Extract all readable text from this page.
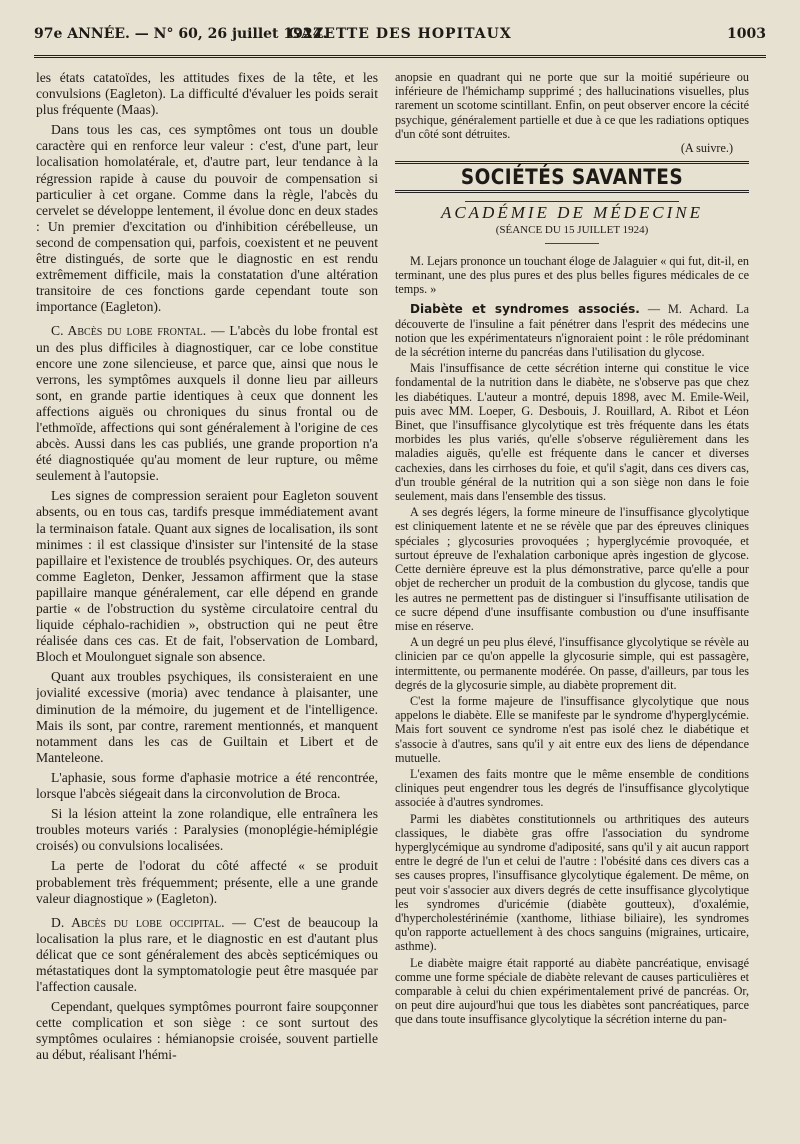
97e ANNÉE. — N° 60, 26 juillet 1924.
GAZETTE DES HOPITAUX	1003

les états catatoïdes, les attitudes fixes de la tête, et les convulsions (Eagleton). La difficulté d'évaluer les poids serait plus fréquente (Maas).

Dans tous les cas, ces symptômes ont tous un double caractère qui en renforce leur valeur : c'est, d'une part, leur localisation homolatérale, et, d'autre part, leur tendance à la régression rapide à cause du pouvoir de compensation si particulier à cet organe. Comme dans la règle, l'abcès du cervelet se développe lentement, il évolue donc en deux stades : Un premier d'excitation ou d'inhibition cérébelleuse, un second de compensation qui, parfois, coexistent et ne peuvent être distingués, de sorte que le diagnostic en est rendu extrêmement difficile, mais la constatation d'une altération transitoire de ces fonctions garde cependant toute son importance (Eagleton).

C. Abcès du lobe frontal. — L'abcès du lobe frontal est un des plus difficiles à diagnostiquer, car ce lobe constitue encore une zone silencieuse, et parce que, ainsi que nous le verrons, les symptômes auxquels il donne lieu par ailleurs sont, en grande partie identiques à ceux que donnent les affections aiguës ou chroniques du sinus frontal ou de l'ethmoïde, affections qui sont généralement à l'origine de ces abcès. Aussi dans les cas publiés, une grande proportion n'a été diagnostiquée qu'au moment de leur rupture, ou même seulement à l'autopsie.

Les signes de compression seraient pour Eagleton souvent absents, ou en tous cas, tardifs presque immédiatement avant la terminaison fatale. Quant aux signes de localisation, ils sont minimes : il est classique d'insister sur l'intensité de la stase papillaire et l'existence de troublés psychiques. Or, des auteurs comme Eagleton, Denker, Jessamon affirment que la stase papillaire manque généralement, car elle dépend en grande partie « de l'obstruction du système circulatoire central du liquide céphalo-rachidien », obstruction qui ne peut être réalisée dans ces cas. Et de fait, l'observation de Lombard, Bloch et Moulonguet signale son absence.

Quant aux troubles psychiques, ils consisteraient en une jovialité excessive (moria) avec tendance à plaisanter, une diminution de la mémoire, du jugement et de l'intelligence. Mais ils sont, par contre, rarement mentionnés, et manquent notamment dans les cas de Guiltain et Libert et de Manteleone.

L'aphasie, sous forme d'aphasie motrice a été rencontrée, lorsque l'abcès siégeait dans la circonvolution de Broca.

Si la lésion atteint la zone rolandique, elle entraînera les troubles moteurs variés : Paralysies (monoplégie-hémiplégie croisés) ou convulsions localisées.

La perte de l'odorat du côté affecté « se produit probablement très fréquemment; présente, elle a une grande valeur diagnostique » (Eagleton).

D. Abcès du lobe occipital. — C'est de beaucoup la localisation la plus rare, et le diagnostic en est d'autant plus délicat que ce sont généralement des abcès septicémiques ou métastatiques dont la symptomatologie peut être masquée par l'affection causale.

Cependant, quelques symptômes pourront faire soupçonner cette complication et son siège : ce sont surtout des symptômes oculaires : hémianopsie croisée, souvent partielle au début, réalisant l'hémi-

anopsie en quadrant qui ne porte que sur la moitié supérieure ou inférieure de l'hémichamp supprimé ; des hallucinations visuelles, plus rarement un scotome scintillant. Enfin, on peut observer encore la cécité psychique, généralement partielle et due à ce que les radiations optiques d'un côté sont détruites.

(A suivre.)
SOCIÉTÉS SAVANTES
ACADÉMIE DE MÉDECINE
(SÉANCE DU 15 JUILLET 1924)

M. Lejars prononce un touchant éloge de Jalaguier « qui fut, dit-il, en terminant, une des plus pures et des plus belles figures médicales de ce temps. »

Diabète et syndromes associés. — M. Achard. La découverte de l'insuline a fait pénétrer dans l'esprit des médecins une notion que les expérimentateurs n'ignoraient point : le rôle prédominant de la sécrétion interne du pancréas dans l'utilisation du glycose.

Mais l'insuffisance de cette sécrétion interne qui constitue le vice fondamental de la nutrition dans le diabète, ne s'observe pas que chez les diabétiques. L'auteur a montré, depuis 1898, avec M. Emile-Weil, puis avec MM. Loeper, G. Desbouis, J. Rouillard, A. Ribot et Léon Binet, que l'insuffisance glycolytique est très fréquente dans les états morbides les plus variés, qu'elle s'observe régulièrement dans les maladies aiguës, qu'elle est fréquente dans le cancer et diverses cachexies, dans les cirrhoses du foie, et qu'il s'agit, dans ces divers cas, d'un trouble général de la nutrition qui a son siège non dans le foie seulement, mais dans l'ensemble des tissus.

A ses degrés légers, la forme mineure de l'insuffisance glycolytique est cliniquement latente et ne se révèle que par des épreuves cliniques spéciales ; glycosuries provoquées ; hyperglycémie provoquée, et surtout épreuve de l'exhalation carbonique après ingestion de glycose. Cette dernière épreuve est la plus démonstrative, parce qu'elle a pour objet de rechercher un produit de la combustion du glycose, tandis que les autres ne permettent pas de distinguer si l'insuffisante utilisation de ce sucre dépend d'une insuffisante combustion ou d'une insuffisante mise en réserve.

A un degré un peu plus élevé, l'insuffisance glycolytique se révèle au clinicien par ce qu'on appelle la glycosurie simple, qui est passagère, intermittente, ou permanente modérée. On passe, d'ailleurs, par tous les degrés de la glycosurie simple, au diabète proprement dit.

C'est la forme majeure de l'insuffisance glycolytique que nous appelons le diabète. Elle se manifeste par le syndrome d'hyperglycémie. Mais fort souvent ce syndrome n'est pas isolé chez le diabétique et s'associe à d'autres, sans qu'il y ait entre eux des liens de dépendance mutuelle.

L'examen des faits montre que le même ensemble de conditions cliniques peut engendrer tous les degrés de l'insuffisance glycolytique associée à d'autres syndromes.

Parmi les diabètes constitutionnels ou arthritiques des auteurs classiques, le diabète gras offre l'association du syndrome hyperglycémique au syndrome d'adiposité, sans qu'il y ait aucun rapport entre le degré de l'un et celui de l'autre : l'obésité dans ces divers cas a ses causes propres, l'insuffisance glycolytique également. De même, on peut voir s'associer aux divers degrés de cette insuffisance glycolytique les syndromes d'uricémie (diabète goutteux), d'oxalémie, d'hypercholestérinémie (xanthome, lithiase biliaire), les syndromes qu'on rapporte actuellement à des chocs sanguins (migraines, urticaire, asthme).

Le diabète maigre était rapporté au diabète pancréatique, envisagé comme une forme spéciale de diabète relevant de causes particulières et comparable à celui du chien expérimentalement privé de pancréas. Or, on peut dire aujourd'hui que tous les diabètes sont pancréatiques, parce que dans toute insuffisance glycolytique la sécrétion interne du pan-
